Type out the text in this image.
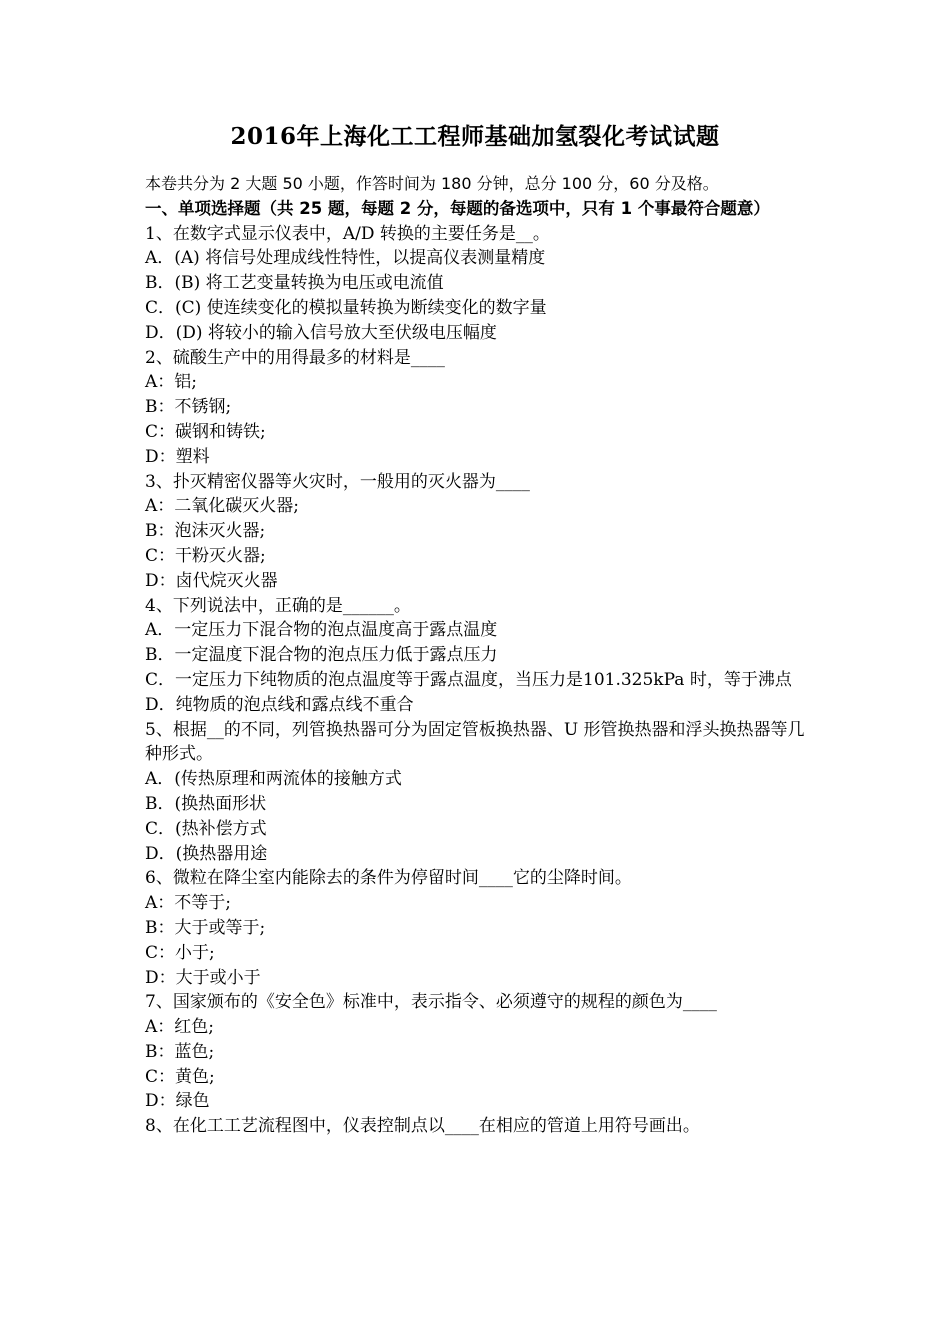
2016年上海化工工程师基础加氢裂化考试试题
本卷共分为 2 大题 50 小题，作答时间为 180 分钟，总分 100 分，60 分及格。
一、单项选择题（共 25 题，每题 2 分，每题的备选项中，只有 1 个事最符合题意）
1、在数字式显示仪表中，A/D 转换的主要任务是__。
A．(A) 将信号处理成线性特性，以提高仪表测量精度
B．(B) 将工艺变量转换为电压或电流值
C．(C) 使连续变化的模拟量转换为断续变化的数字量
D．(D) 将较小的输入信号放大至伏级电压幅度
2、硫酸生产中的用得最多的材料是____
A：铝;
B：不锈钢;
C：碳钢和铸铁;
D：塑料
3、扑灭精密仪器等火灾时，一般用的灭火器为____
A：二氧化碳灭火器;
B：泡沫灭火器;
C：干粉灭火器;
D：卤代烷灭火器
4、下列说法中，正确的是______。
A．一定压力下混合物的泡点温度高于露点温度
B．一定温度下混合物的泡点压力低于露点压力
C．一定压力下纯物质的泡点温度等于露点温度，当压力是101.325kPa 时，等于沸点
D．纯物质的泡点线和露点线不重合
5、根据__的不同，列管换热器可分为固定管板换热器、U 形管换热器和浮头换热器等几种形式。
A．(传热原理和两流体的接触方式
B．(换热面形状
C．(热补偿方式
D．(换热器用途
6、微粒在降尘室内能除去的条件为停留时间____它的尘降时间。
A：不等于;
B：大于或等于;
C：小于;
D：大于或小于
7、国家颁布的《安全色》标准中，表示指令、必须遵守的规程的颜色为____
A：红色;
B：蓝色;
C：黄色;
D：绿色
8、在化工工艺流程图中，仪表控制点以____在相应的管道上用符号画出。
